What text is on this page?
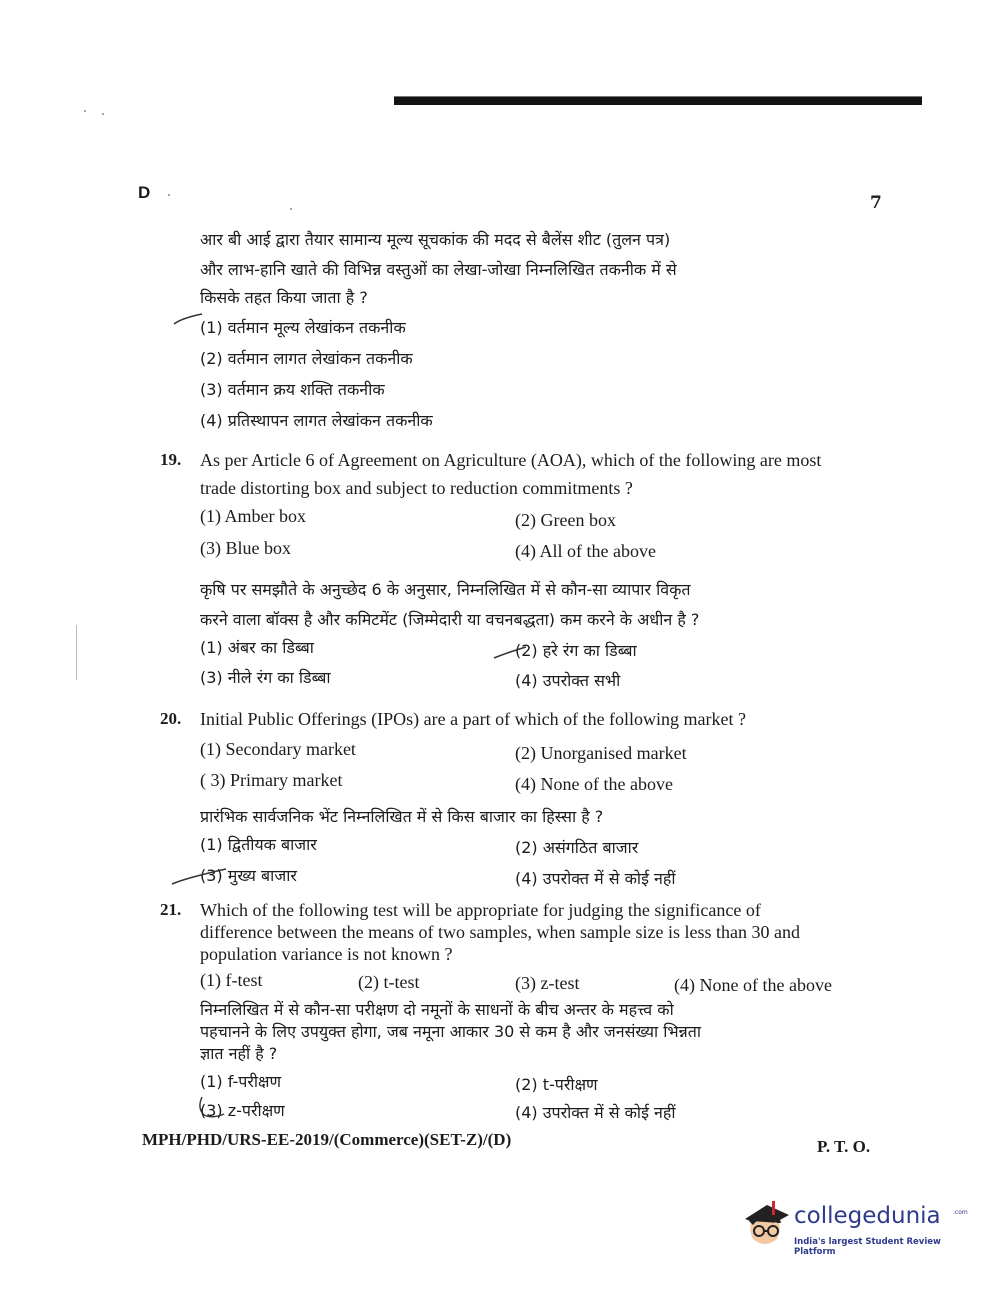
D
7
आर बी आई द्वारा तैयार सामान्य मूल्य सूचकांक की मदद से बैलेंस शीट (तुलन पत्र)
और लाभ-हानि खाते की विभिन्न वस्तुओं का लेखा-जोखा निम्नलिखित तकनीक में से
किसके तहत किया जाता है ?
(1) वर्तमान मूल्य लेखांकन तकनीक
(2) वर्तमान लागत लेखांकन तकनीक
(3) वर्तमान क्रय शक्ति तकनीक
(4) प्रतिस्थापन लागत लेखांकन तकनीक
19. As per Article 6 of Agreement on Agriculture (AOA), which of the following are most
trade distorting box and subject to reduction commitments ?
(1) Amber box	(2) Green box
(3) Blue box	(4) All of the above
कृषि पर समझौते के अनुच्छेद 6 के अनुसार, निम्नलिखित में से कौन-सा व्यापार विकृत
करने वाला बॉक्स है और कमिटमेंट (जिम्मेदारी या वचनबद्धता) कम करने के अधीन है ?
(1) अंबर का डिब्बा	(2) हरे रंग का डिब्बा
(3) नीले रंग का डिब्बा	(4) उपरोक्त सभी
20. Initial Public Offerings (IPOs) are a part of which of the following market ?
(1) Secondary market	(2) Unorganised market
( 3) Primary market	(4) None of the above
प्रारंभिक सार्वजनिक भेंट निम्नलिखित में से किस बाजार का हिस्सा है ?
(1) द्वितीयक बाजार	(2) असंगठित बाजार
(3) मुख्य बाजार	(4) उपरोक्त में से कोई नहीं
21. Which of the following test will be appropriate for judging the significance of
difference between the means of two samples, when sample size is less than 30 and
population variance is not known ?
(1) f-test	(2) t-test	(3) z-test	(4) None of the above
निम्नलिखित में से कौन-सा परीक्षण दो नमूनों के साधनों के बीच अन्तर के महत्त्व को
पहचानने के लिए उपयुक्त होगा, जब नमूना आकार 30 से कम है और जनसंख्या भिन्नता
ज्ञात नहीं है ?
(1) f-परीक्षण	(2) t-परीक्षण
(3) z-परीक्षण	(4) उपरोक्त में से कोई नहीं
MPH/PHD/URS-EE-2019/(Commerce)(SET-Z)/(D)	P. T. O.
collegedunia
India's largest Student Review Platform
.com
